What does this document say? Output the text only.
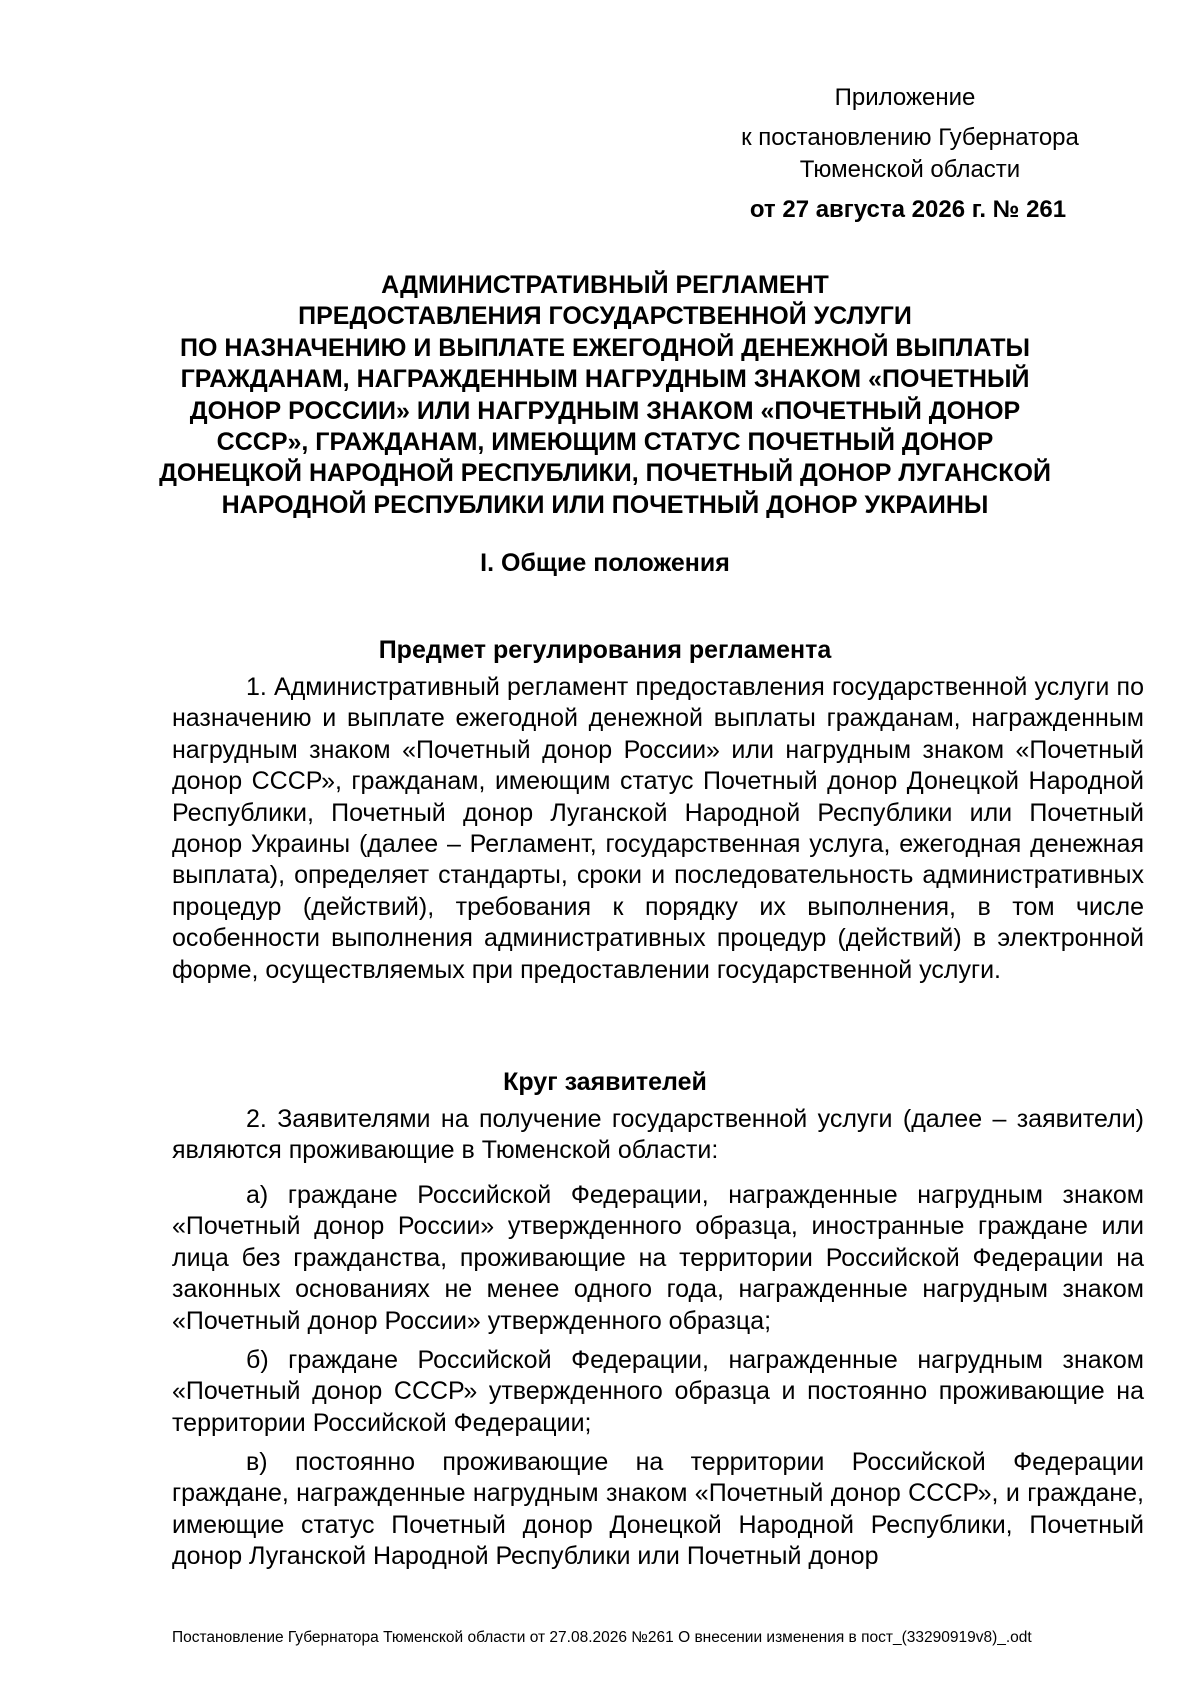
Приложение
к постановлению Губернатора
Тюменской области
от 27 августа 2026 г. № 261
АДМИНИСТРАТИВНЫЙ РЕГЛАМЕНТ
ПРЕДОСТАВЛЕНИЯ ГОСУДАРСТВЕННОЙ УСЛУГИ
ПО НАЗНАЧЕНИЮ И ВЫПЛАТЕ ЕЖЕГОДНОЙ ДЕНЕЖНОЙ ВЫПЛАТЫ
ГРАЖДАНАМ, НАГРАЖДЕННЫМ НАГРУДНЫМ ЗНАКОМ «ПОЧЕТНЫЙ
ДОНОР РОССИИ» ИЛИ НАГРУДНЫМ ЗНАКОМ «ПОЧЕТНЫЙ ДОНОР
СССР», ГРАЖДАНАМ, ИМЕЮЩИМ СТАТУС ПОЧЕТНЫЙ ДОНОР
ДОНЕЦКОЙ НАРОДНОЙ РЕСПУБЛИКИ, ПОЧЕТНЫЙ ДОНОР ЛУГАНСКОЙ
НАРОДНОЙ РЕСПУБЛИКИ ИЛИ ПОЧЕТНЫЙ ДОНОР УКРАИНЫ
I. Общие положения
Предмет регулирования регламента
1. Административный регламент предоставления государственной услуги по назначению и выплате ежегодной денежной выплаты гражданам, награжденным нагрудным знаком «Почетный донор России» или нагрудным знаком «Почетный донор СССР», гражданам, имеющим статус Почетный донор Донецкой Народной Республики, Почетный донор Луганской Народной Республики или Почетный донор Украины (далее – Регламент, государственная услуга, ежегодная денежная выплата), определяет стандарты, сроки и последовательность административных процедур (действий), требования к порядку их выполнения, в том числе особенности выполнения административных процедур (действий) в электронной форме, осуществляемых при предоставлении государственной услуги.
Круг заявителей
2. Заявителями на получение государственной услуги (далее – заявители) являются проживающие в Тюменской области:
а) граждане Российской Федерации, награжденные нагрудным знаком «Почетный донор России» утвержденного образца, иностранные граждане или лица без гражданства, проживающие на территории Российской Федерации на законных основаниях не менее одного года, награжденные нагрудным знаком «Почетный донор России» утвержденного образца;
б) граждане Российской Федерации, награжденные нагрудным знаком «Почетный донор СССР» утвержденного образца и постоянно проживающие на территории Российской Федерации;
в) постоянно проживающие на территории Российской Федерации граждане, награжденные нагрудным знаком «Почетный донор СССР», и граждане, имеющие статус Почетный донор Донецкой Народной Республики, Почетный донор Луганской Народной Республики или Почетный донор
Постановление Губернатора Тюменской области от 27.08.2026 №261 О внесении изменения в пост_(33290919v8)_.odt
